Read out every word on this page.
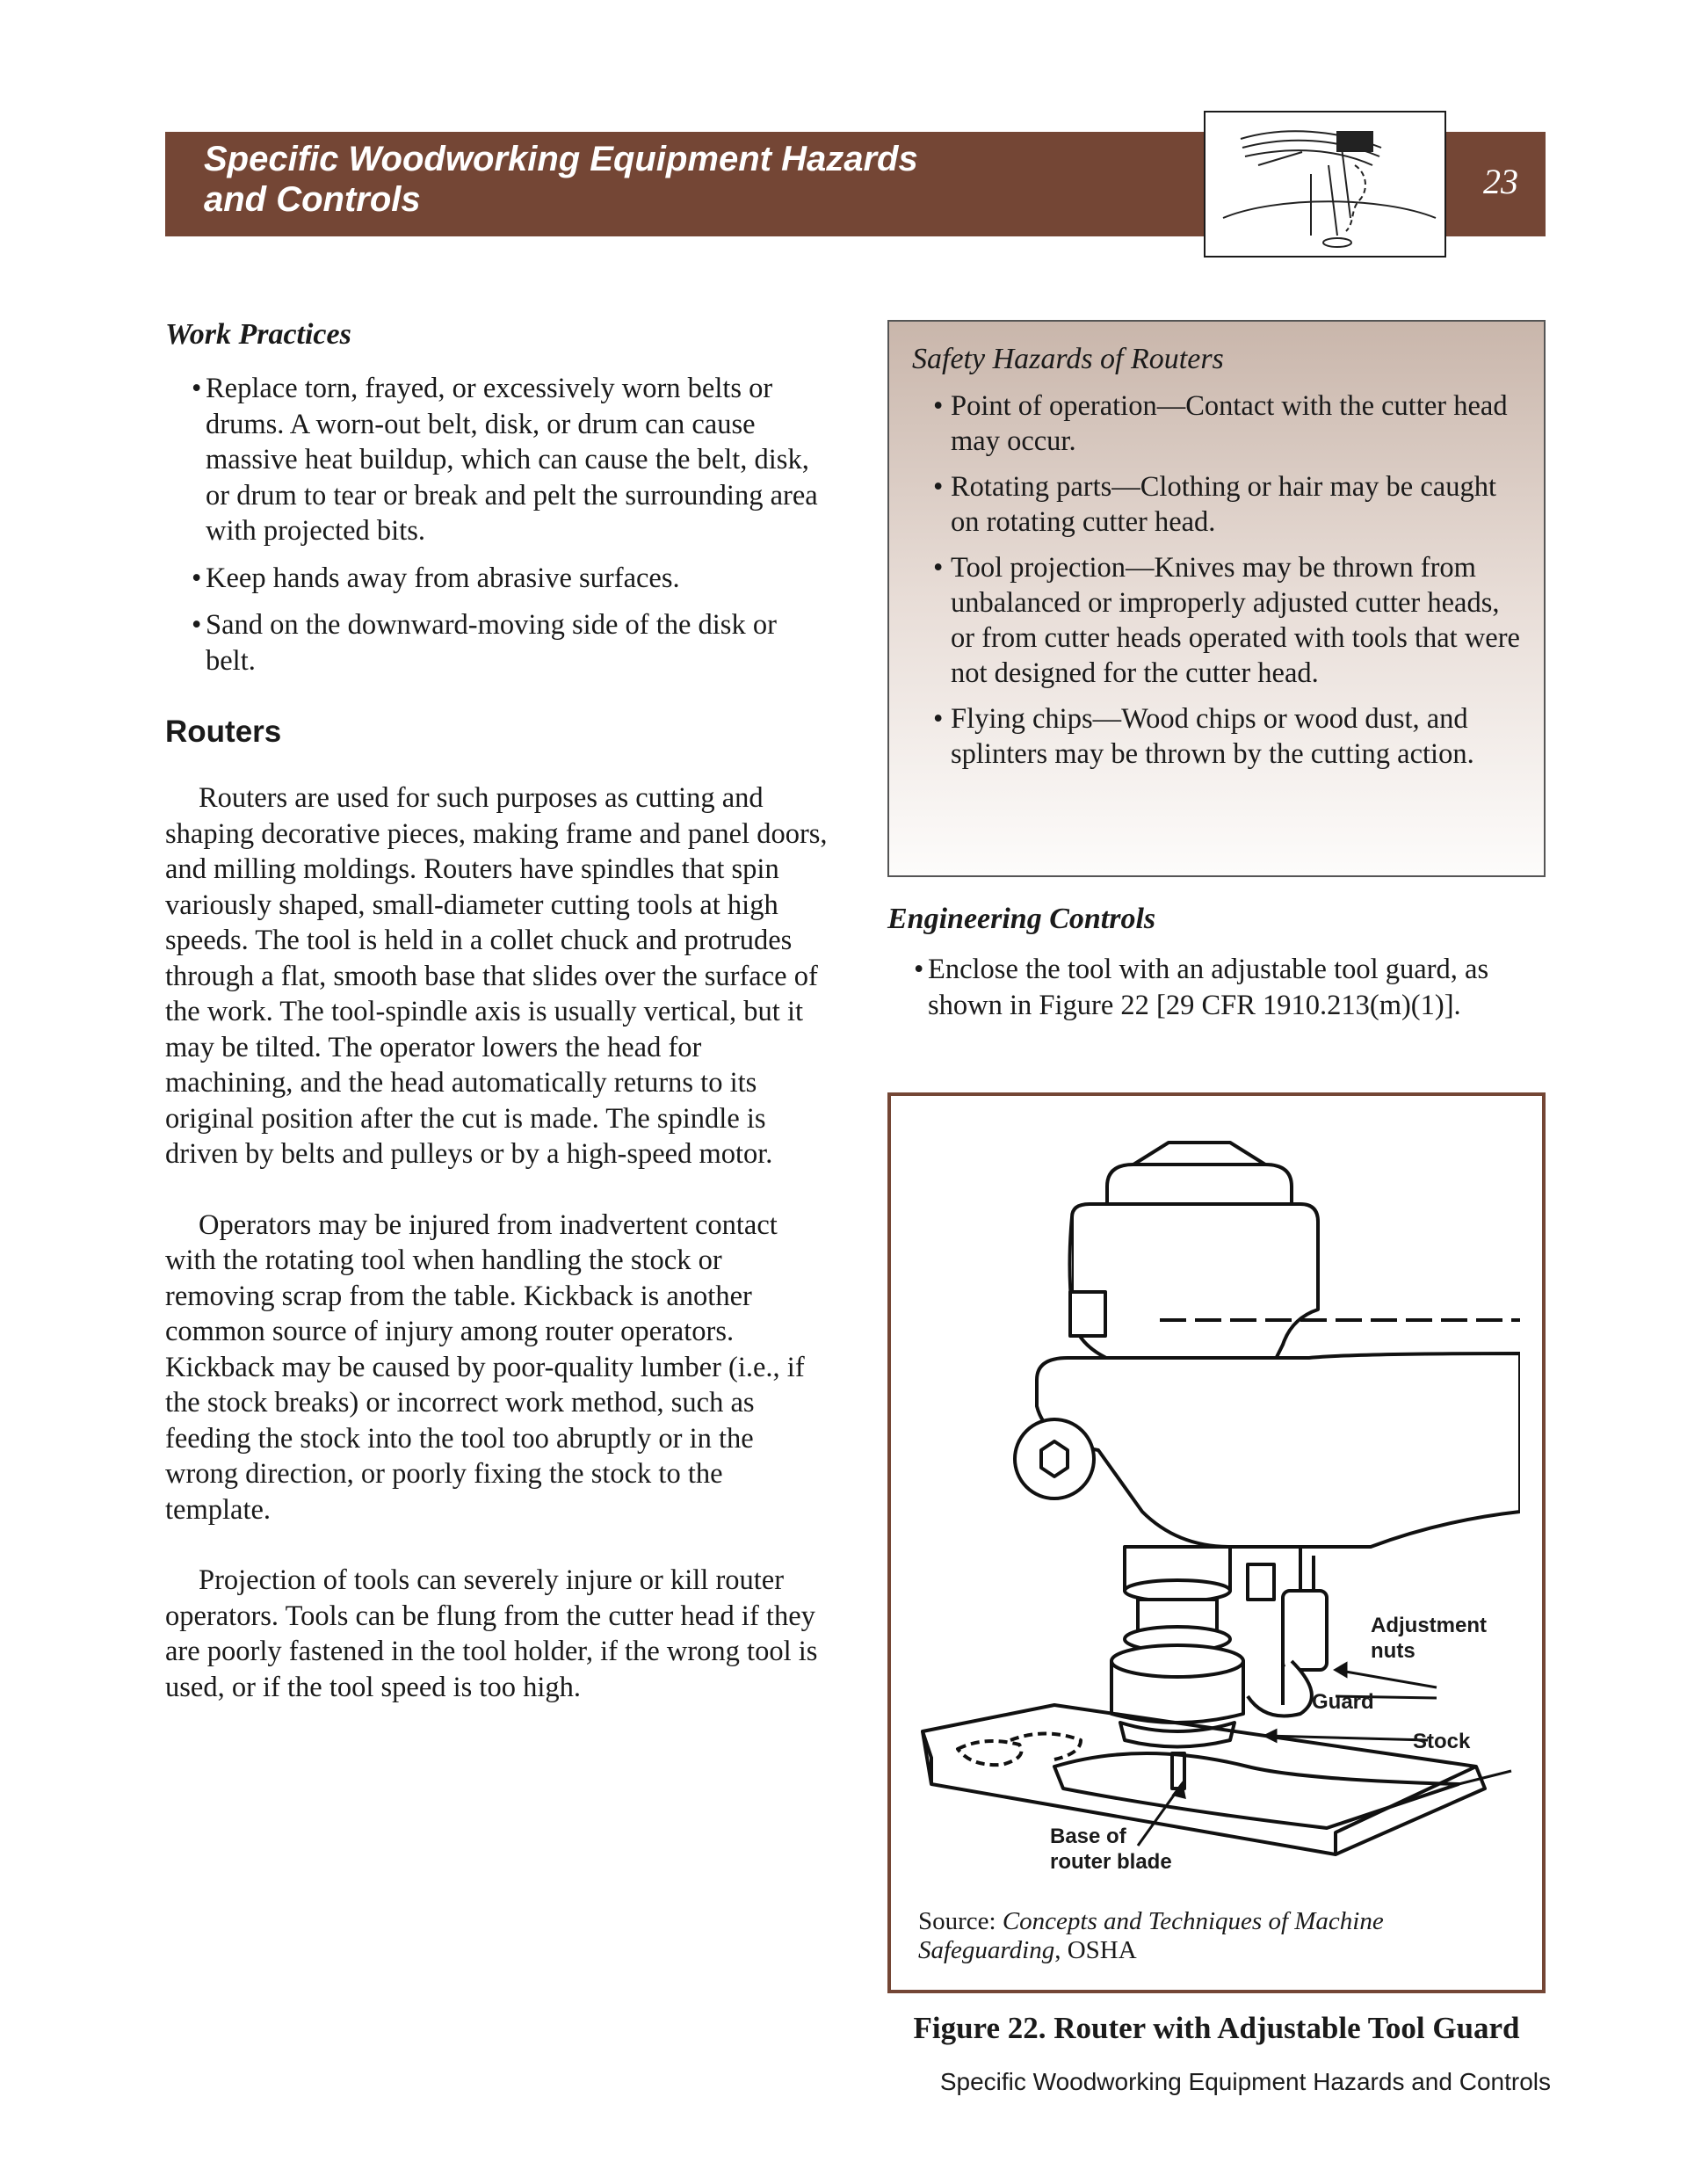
Specific Woodworking Equipment Hazards
and Controls	23
Work Practices
• Replace torn, frayed, or excessively worn belts or drums. A worn-out belt, disk, or drum can cause massive heat buildup, which can cause the belt, disk, or drum to tear or break and pelt the surrounding area with projected bits.
• Keep hands away from abrasive surfaces.
• Sand on the downward-moving side of the disk or belt.
Routers

Routers are used for such purposes as cutting and shaping decorative pieces, making frame and panel doors, and milling moldings. Routers have spindles that spin variously shaped, small-diameter cutting tools at high speeds. The tool is held in a collet chuck and protrudes through a flat, smooth base that slides over the surface of the work. The tool-spindle axis is usually vertical, but it may be tilted. The operator lowers the head for machining, and the head automatically returns to its original position after the cut is made. The spindle is driven by belts and pulleys or by a high-speed motor.

Operators may be injured from inadvertent contact with the rotating tool when handling the stock or removing scrap from the table. Kickback is another common source of injury among router operators. Kickback may be caused by poor-quality lumber (i.e., if the stock breaks) or incorrect work method, such as feeding the stock into the tool too abruptly or in the wrong direction, or poorly fixing the stock to the template.

Projection of tools can severely injure or kill router operators. Tools can be flung from the cutter head if they are poorly fastened in the tool holder, if the wrong tool is used, or if the tool speed is too high.

Safety Hazards of Routers
• Point of operation—Contact with the cutter head may occur.
• Rotating parts—Clothing or hair may be caught on rotating cutter head.
• Tool projection—Knives may be thrown from unbalanced or improperly adjusted cutter heads, or from cutter heads operated with tools that were not designed for the cutter head.
• Flying chips—Wood chips or wood dust, and splinters may be thrown by the cutting action.
Engineering Controls
• Enclose the tool with an adjustable tool guard, as shown in Figure 22 [29 CFR 1910.213(m)(1)].
Adjustment
nuts
Guard
Stock
Base of
router blade
Source: Concepts and Techniques of Machine Safeguarding, OSHA
Figure 22. Router with Adjustable Tool Guard
Specific Woodworking Equipment Hazards and Controls
